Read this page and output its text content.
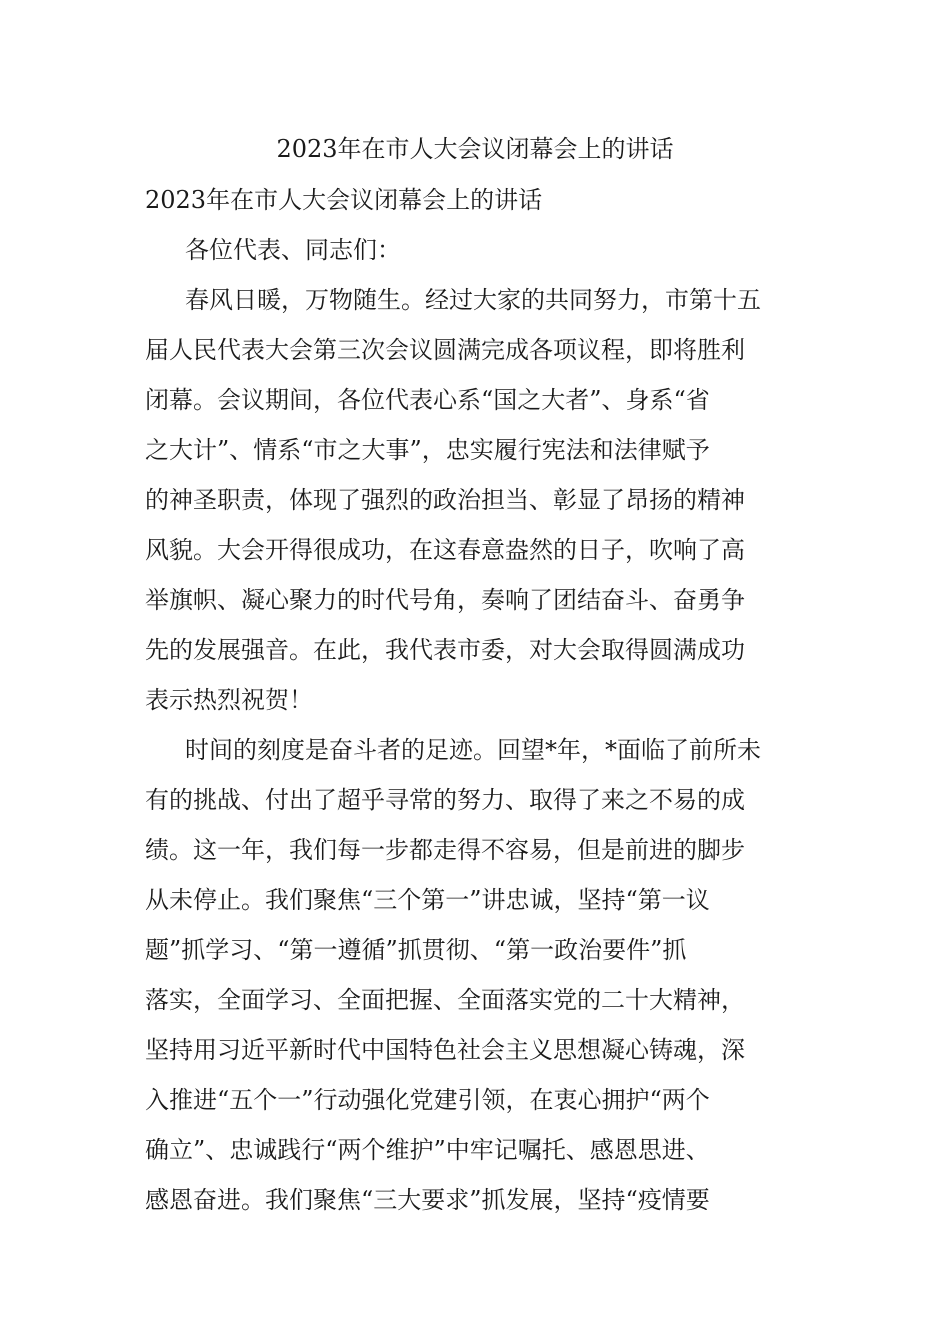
2023年在市人大会议闭幕会上的讲话
2023年在市人大会议闭幕会上的讲话

各位代表、同志们：

春风日暖，万物随生。经过大家的共同努力，市第十五

届人民代表大会第三次会议圆满完成各项议程，即将胜利

闭幕。会议期间，各位代表心系“国之大者”、身系“省

之大计”、情系“市之大事”，忠实履行宪法和法律赋予

的神圣职责，体现了强烈的政治担当、彰显了昂扬的精神

风貌。大会开得很成功，在这春意盎然的日子，吹响了高

举旗帜、凝心聚力的时代号角，奏响了团结奋斗、奋勇争

先的发展强音。在此，我代表市委，对大会取得圆满成功

表示热烈祝贺！

时间的刻度是奋斗者的足迹。回望*年，*面临了前所未

有的挑战、付出了超乎寻常的努力、取得了来之不易的成

绩。这一年，我们每一步都走得不容易，但是前进的脚步

从未停止。我们聚焦“三个第一”讲忠诚，坚持“第一议

题”抓学习、“第一遵循”抓贯彻、“第一政治要件”抓

落实，全面学习、全面把握、全面落实党的二十大精神，

坚持用习近平新时代中国特色社会主义思想凝心铸魂，深

入推进“五个一”行动强化党建引领，在衷心拥护“两个

确立”、忠诚践行“两个维护”中牢记嘱托、感恩思进、

感恩奋进。我们聚焦“三大要求”抓发展，坚持“疫情要
